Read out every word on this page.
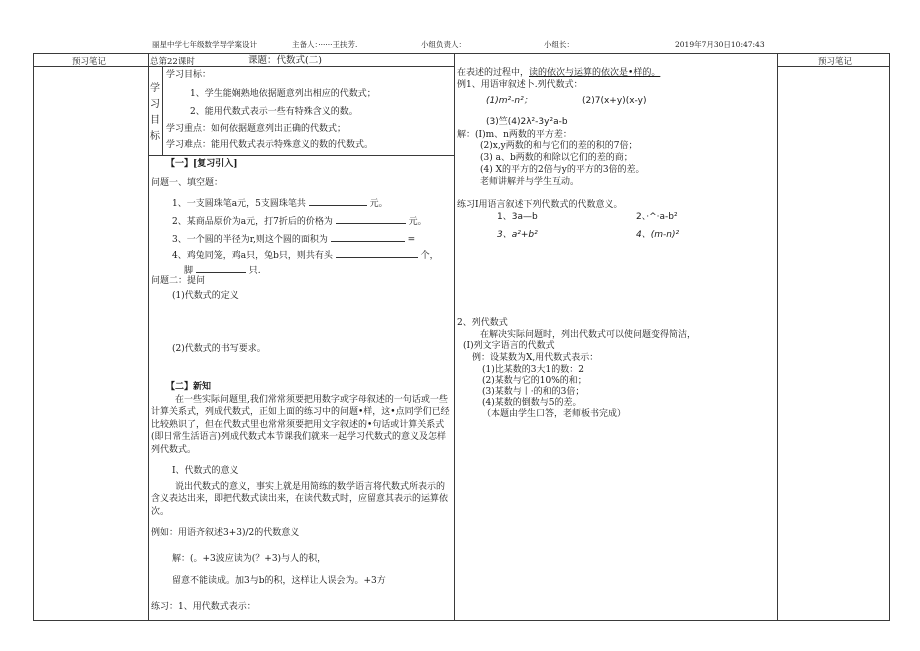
丽星中学七年级数学导学案设计	主备人：······王扶芳.	小组负责人：	小组长：	2019年7月30日10:47:43
预习笔记	预习笔记
总第22课时	课题：代数式(二)
学
习
目
标
学习目标：
1、学生能娴熟地依据题意列出相应的代数式；
2、能用代数式表示一些有特殊含义的数。
学习重点：如何依据题意列出正确的代数式；
学习难点：能用代数式表示特殊意义的数的代数式。
【一】[复习引入]
问题一、填空题：
1、一支圆珠笔a元，5支圆珠笔共	元。
2、某商品原价为a元，打7折后的价格为	元。
3、一个圆的半径为r,则这个圆的面积为	=
4、鸡兔同笼，鸡a只，兔b只，则共有头	个，
脚	只.
问题二：提问
(1)代数式的定义
(2)代数式的书写要求。
【二】新知
在一些实际问题里,我们常常须要把用数字或字母叙述的一句话或一些计算关系式，列成代数式，正如上面的练习中的问题•样，这•点同学们已经比较熟识了，但在代数式里也常常须要把用文字叙述的•句话或计算关系式(即日常生活语言)列成代数式本节课我们就来一起学习代数式的意义及怎样列代数式。
I、代数式的意义
说出代数式的意义，事实上就是用简练的数学语言将代数式所表示的含义表达出来，即把代数式读出来，在读代数式时，应留意其表示的运算依次。
例如：用语齐叙述3+3)/2的代数意义
解：(。+3波应读为(？+3)与人的积，
留意不能读成。加3与b的积，这样让人误会为。+3方
练习：1、用代数式表示：
在表述的过程中，读的依次与运算的依次是•样的。
例1、用语审叙述卜.列代数式：
(1)m²-n²；	(2)7(x+y)(x-y)
(3)竺(4)2λ²-3y²a-b
解：(I)m、n两数的平方差：
(2)x,y两数的和与它们的差的积的7倍；
(3) a、b两数的和除以它们的差的商；
(4) X的平方的2倍与y的平方的3倍的差。
老师讲解并与学生互动。
练习I用语言叙述下列代数式的代数意义。
1、3a—b	2、·^·a-b²
3、a²+b²	4、(m-n)²
2、列代数式
在解决实际问题时，列出代数式可以使问题变得简洁，
(I)列文字语言的代数式
例：设某数为X,用代数式表示：
(1)比某数的3大1的数：2
(2)某数与它的10%的和；
(3)某数与丨·的和的3倍；
(4)某数的倒数与5的差。
（本题由学生口答，老师板书完成）
